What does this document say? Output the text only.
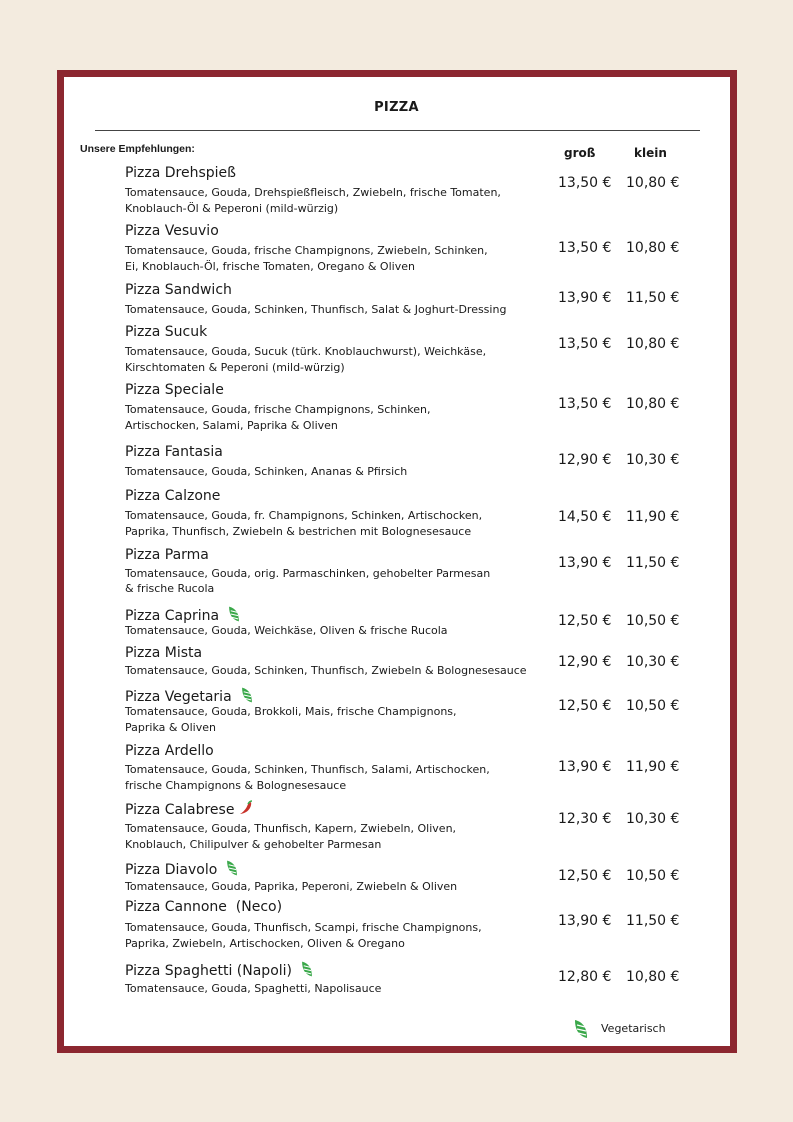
PIZZA
Unsere Empfehlungen:	groß	klein
Pizza Drehspieß
Tomatensauce, Gouda, Drehspießfleisch, Zwiebeln, frische Tomaten,
Knoblauch-Öl & Peperoni (mild-würzig)
13,50 € 10,80 €
Pizza Vesuvio
Tomatensauce, Gouda, frische Champignons, Zwiebeln, Schinken,
Ei, Knoblauch-Öl, frische Tomaten, Oregano & Oliven
13,50 € 10,80 €
Pizza Sandwich
Tomatensauce, Gouda, Schinken, Thunfisch, Salat & Joghurt-Dressing
13,90 € 11,50 €
Pizza Sucuk
Tomatensauce, Gouda, Sucuk (türk. Knoblauchwurst), Weichkäse,
Kirschtomaten & Peperoni (mild-würzig)
13,50 € 10,80 €
Pizza Speciale
Tomatensauce, Gouda, frische Champignons, Schinken,
Artischocken, Salami, Paprika & Oliven
13,50 € 10,80 €
Pizza Fantasia
Tomatensauce, Gouda, Schinken, Ananas & Pfirsich
12,90 € 10,30 €
Pizza Calzone
Tomatensauce, Gouda, fr. Champignons, Schinken, Artischocken,
Paprika, Thunfisch, Zwiebeln & bestrichen mit Bolognesesauce
14,50 € 11,90 €
Pizza Parma
Tomatensauce, Gouda, orig. Parmaschinken, gehobelter Parmesan
& frische Rucola
13,90 € 11,50 €
Pizza Caprina
Tomatensauce, Gouda, Weichkäse, Oliven & frische Rucola
12,50 € 10,50 €
Pizza Mista
Tomatensauce, Gouda, Schinken, Thunfisch, Zwiebeln & Bolognesesauce
12,90 € 10,30 €
Pizza Vegetaria
Tomatensauce, Gouda, Brokkoli, Mais, frische Champignons,
Paprika & Oliven
12,50 € 10,50 €
Pizza Ardello
Tomatensauce, Gouda, Schinken, Thunfisch, Salami, Artischocken,
frische Champignons & Bolognesesauce
13,90 € 11,90 €
Pizza Calabrese
Tomatensauce, Gouda, Thunfisch, Kapern, Zwiebeln, Oliven,
Knoblauch, Chilipulver & gehobelter Parmesan
12,30 € 10,30 €
Pizza Diavolo
Tomatensauce, Gouda, Paprika, Peperoni, Zwiebeln & Oliven
12,50 € 10,50 €
Pizza Cannone  (Neco)
Tomatensauce, Gouda, Thunfisch, Scampi, frische Champignons,
Paprika, Zwiebeln, Artischocken, Oliven & Oregano
13,90 € 11,50 €
Pizza Spaghetti (Napoli)
Tomatensauce, Gouda, Spaghetti, Napolisauce
12,80 € 10,80 €
Vegetarisch
